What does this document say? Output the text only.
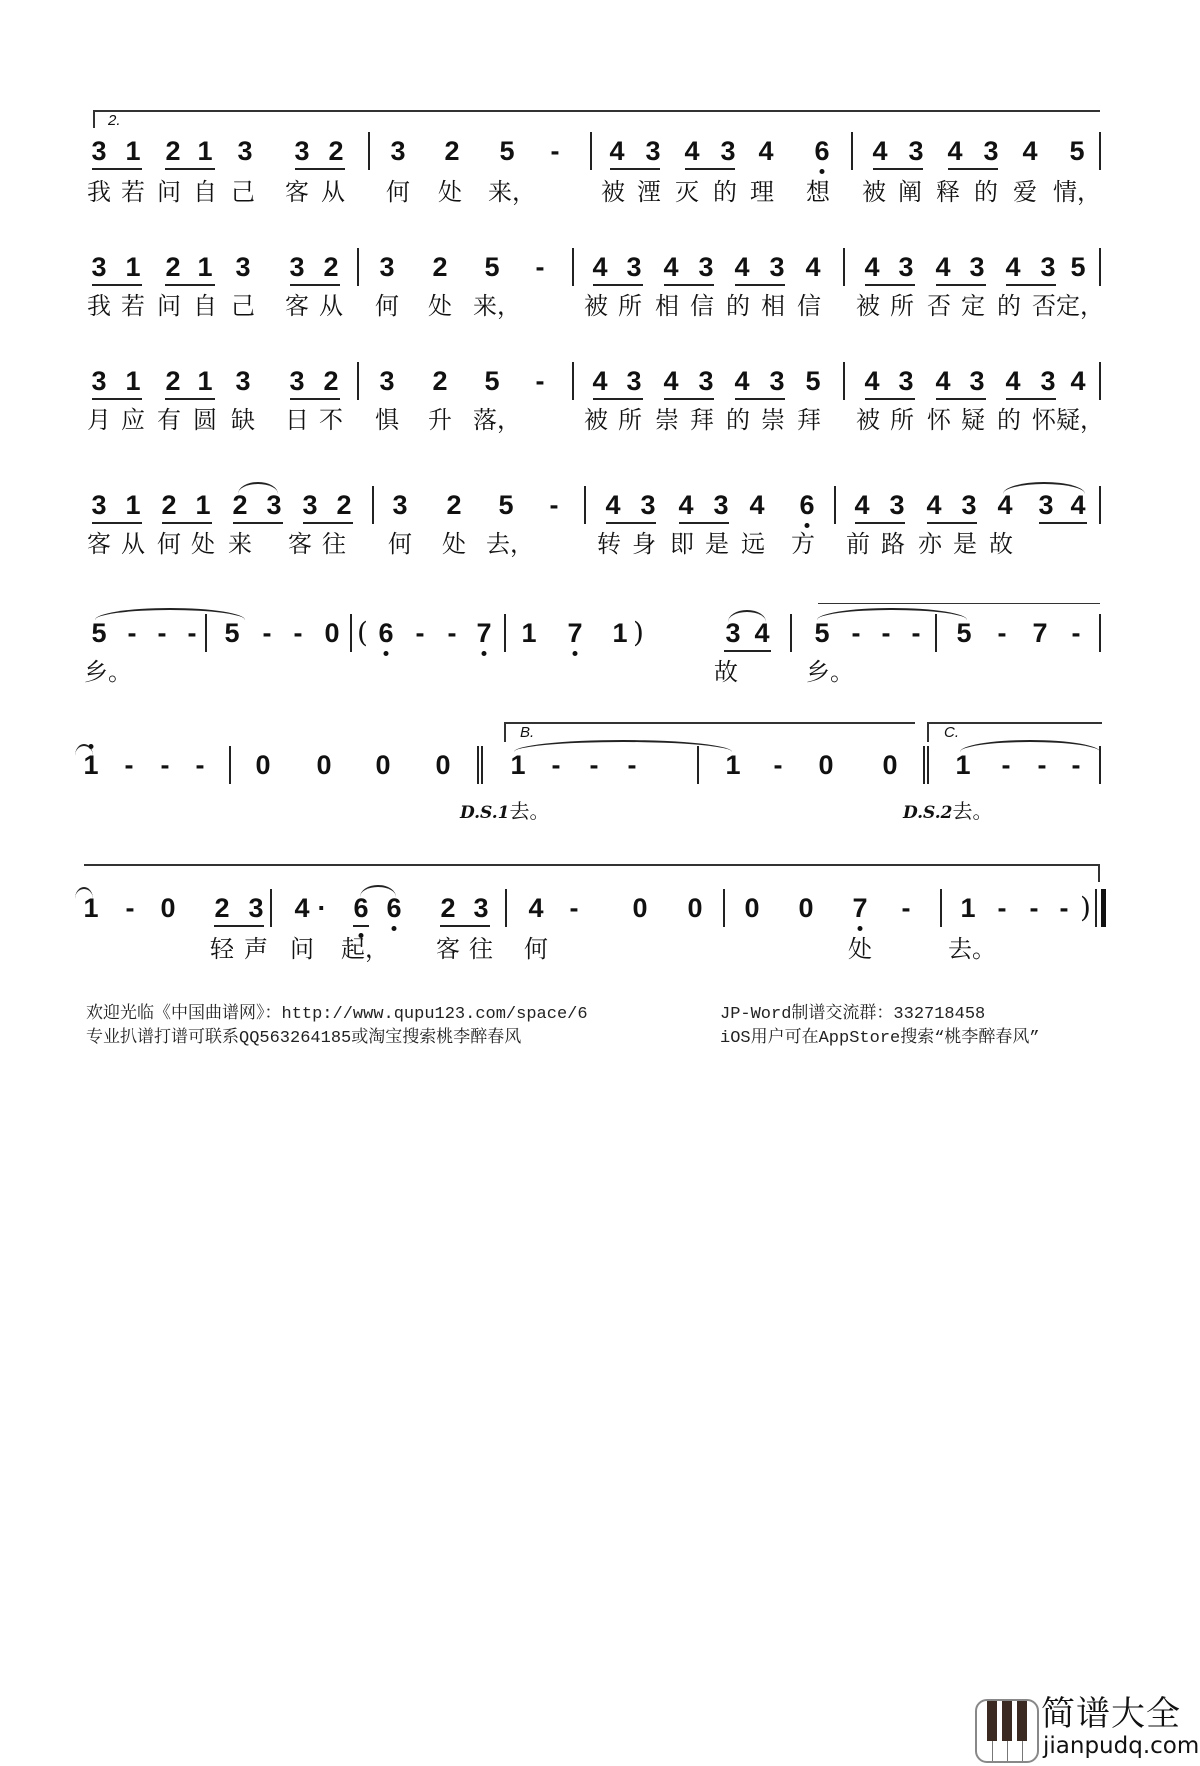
2.
3 1 2 1 3 3 2 3 2 5 - 4 3 4 3 4 6 4 3 4 3 4 5
我 若 问 自 己 客 从 何 处 来，	被 湮 灭 的 理 想 被 阐 释 的 爱 情，
3 1 2 1 3 3 2 3 2 5 - 4 3 4 3 4 3 4 4 3 4 3 4 3 5
我 若 问 自 己 客 从 何 处 来，	被 所 相 信 的 相 信 被 所 否 定 的 否 定，
3 1 2 1 3 3 2 3 2 5 - 4 3 4 3 4 3 5 4 3 4 3 4 3 4
月 应 有 圆 缺 日 不 惧 升 落，	被 所 崇 拜 的 崇 拜 被 所 怀 疑 的 怀 疑，
3 1 2 1 2 3 3 2 3 2 5 - 4 3 4 3 4 6 4 3 4 3 4 3 4
客 从 何 处 来 客 往 何 处 去，	转 身 即 是 远 方 前 路 亦 是 故
5 - - - 5 - - 0 ( 6 - - 7 1 7 1 )	3 4 5 - - - 5 - 7 -
乡。	故	乡。
B.	C.
1 - - - 0 0 0 0 1 - - -	1 - 0 0 1 - - -
D.S.1去。	D.S.2去。
1 - 0 2 3 4 · 6 6 2 3 4 - 0 0 0 0 7 - 1 - - - )
轻 声 问 起， 客 往 何	处	去。
欢迎光临《中国曲谱网》：http://www.qupu123.com/space/6
专业扒谱打谱可联系QQ563264185或淘宝搜索桃李醉春风
JP-Word制谱交流群：332718458
iOS用户可在AppStore搜索“桃李醉春风”
简谱大全
jianpudq.com
